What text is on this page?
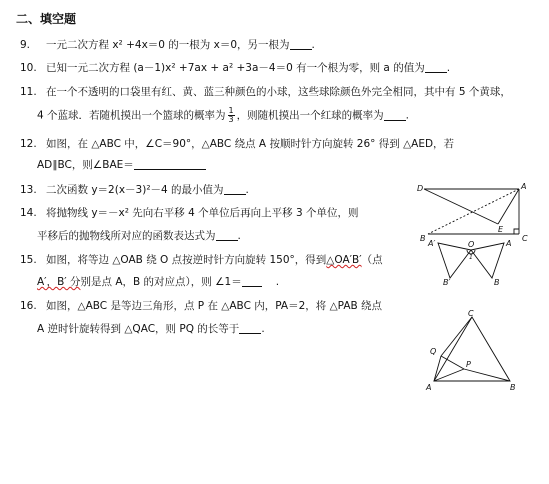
二、填空题
9. 一元二次方程 x² +4x＝0 的一根为 x＝0，另一根为 .
10. 已知一元二次方程 (a－1)x² +7ax + a² +3a－4＝0 有一个根为零，则 a 的值为 .
11. 在一个不透明的口袋里有红、黄、蓝三种颜色的小球，这些球除颜色外完全相同，其中有 5 个黄球，
4 个蓝球．若随机摸出一个篮球的概率为 $\frac{1}{3}$ ，则随机摸出一个红球的概率为 .
12. 如图，在 △ABC 中，∠C＝90°，△ABC 绕点 A 按顺时针方向旋转 26° 得到 △AED，若
AD∥BC，则∠BAE＝
13. 二次函数 y＝2(x－3)²－4 的最小值为 .
14. 将抛物线 y＝－x² 先向右平移 4 个单位后再向上平移 3 个单位，则
平移后的抛物线所对应的函数表达式为 .
15. 如图，将等边 △OAB 绕 O 点按逆时针方向旋转 150°，得到△OA′B′（点
A′，B′ 分别是点 A，B 的对应点），则 ∠1＝	.
16. 如图，△ABC 是等边三角形，点 P 在 △ABC 内，PA＝2，将 △PAB 绕点
A 逆时针旋转得到 △QAC，则 PQ 的长等于 .
D	A
E
B	C
A′
B′
O	A
B
1
C
Q
P
A	B
